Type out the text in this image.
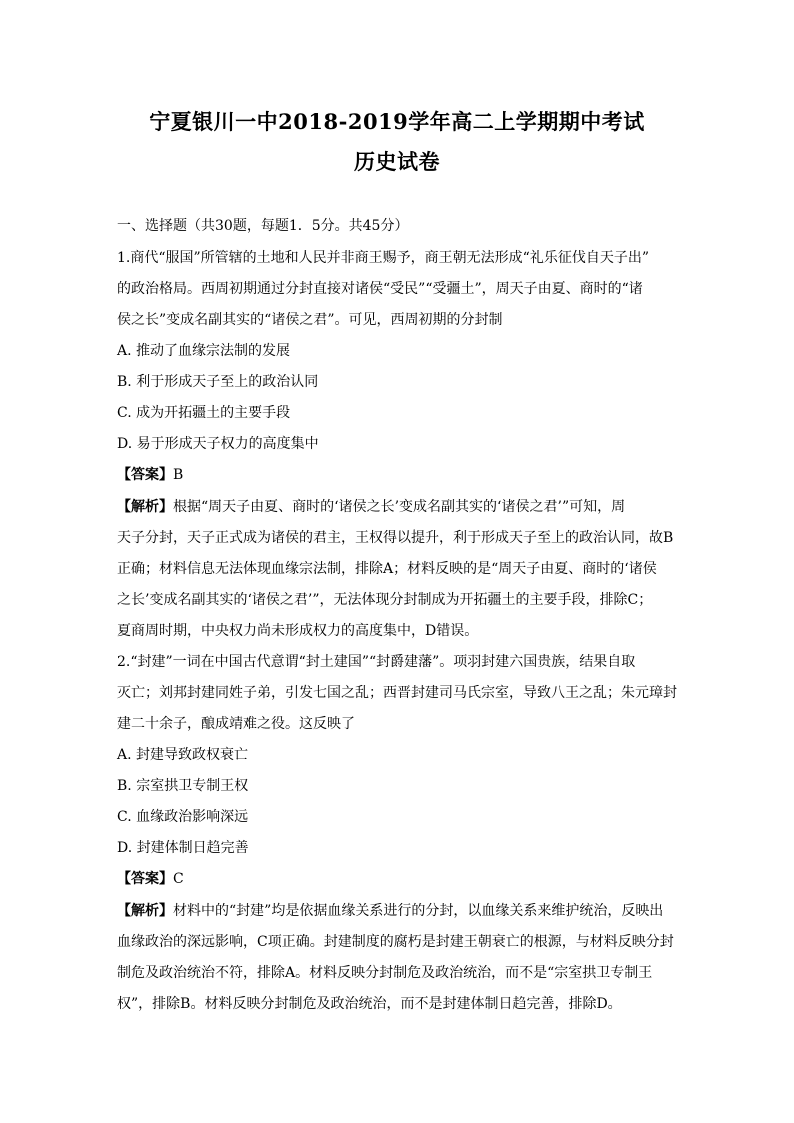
宁夏银川一中2018-2019学年高二上学期期中考试
历史试卷
一、选择题（共30题，每题1．5分。共45分）
1.商代“服国”所管辖的土地和人民并非商王赐予，商王朝无法形成“礼乐征伐自天子出”
的政治格局。西周初期通过分封直接对诸侯“受民”“受疆土”，周天子由夏、商时的“诸
侯之长”变成名副其实的“诸侯之君”。可见，西周初期的分封制
A. 推动了血缘宗法制的发展
B. 利于形成天子至上的政治认同
C. 成为开拓疆土的主要手段
D. 易于形成天子权力的高度集中
【答案】B
【解析】根据“周天子由夏、商时的‘诸侯之长’变成名副其实的‘诸侯之君’”可知，周
天子分封，天子正式成为诸侯的君主，王权得以提升，利于形成天子至上的政治认同，故B
正确；材料信息无法体现血缘宗法制，排除A；材料反映的是“周天子由夏、商时的‘诸侯
之长’变成名副其实的‘诸侯之君’”，无法体现分封制成为开拓疆土的主要手段，排除C；
夏商周时期，中央权力尚未形成权力的高度集中，D错误。
2.“封建”一词在中国古代意谓“封土建国”“封爵建藩”。项羽封建六国贵族，结果自取
灭亡；刘邦封建同姓子弟，引发七国之乱；西晋封建司马氏宗室，导致八王之乱；朱元璋封
建二十余子，酿成靖难之役。这反映了
A. 封建导致政权衰亡
B. 宗室拱卫专制王权
C. 血缘政治影响深远
D. 封建体制日趋完善
【答案】C
【解析】材料中的“封建”均是依据血缘关系进行的分封，以血缘关系来维护统治，反映出
血缘政治的深远影响，C项正确。封建制度的腐朽是封建王朝衰亡的根源，与材料反映分封
制危及政治统治不符，排除A。材料反映分封制危及政治统治，而不是“宗室拱卫专制王
权”，排除B。材料反映分封制危及政治统治，而不是封建体制日趋完善，排除D。
